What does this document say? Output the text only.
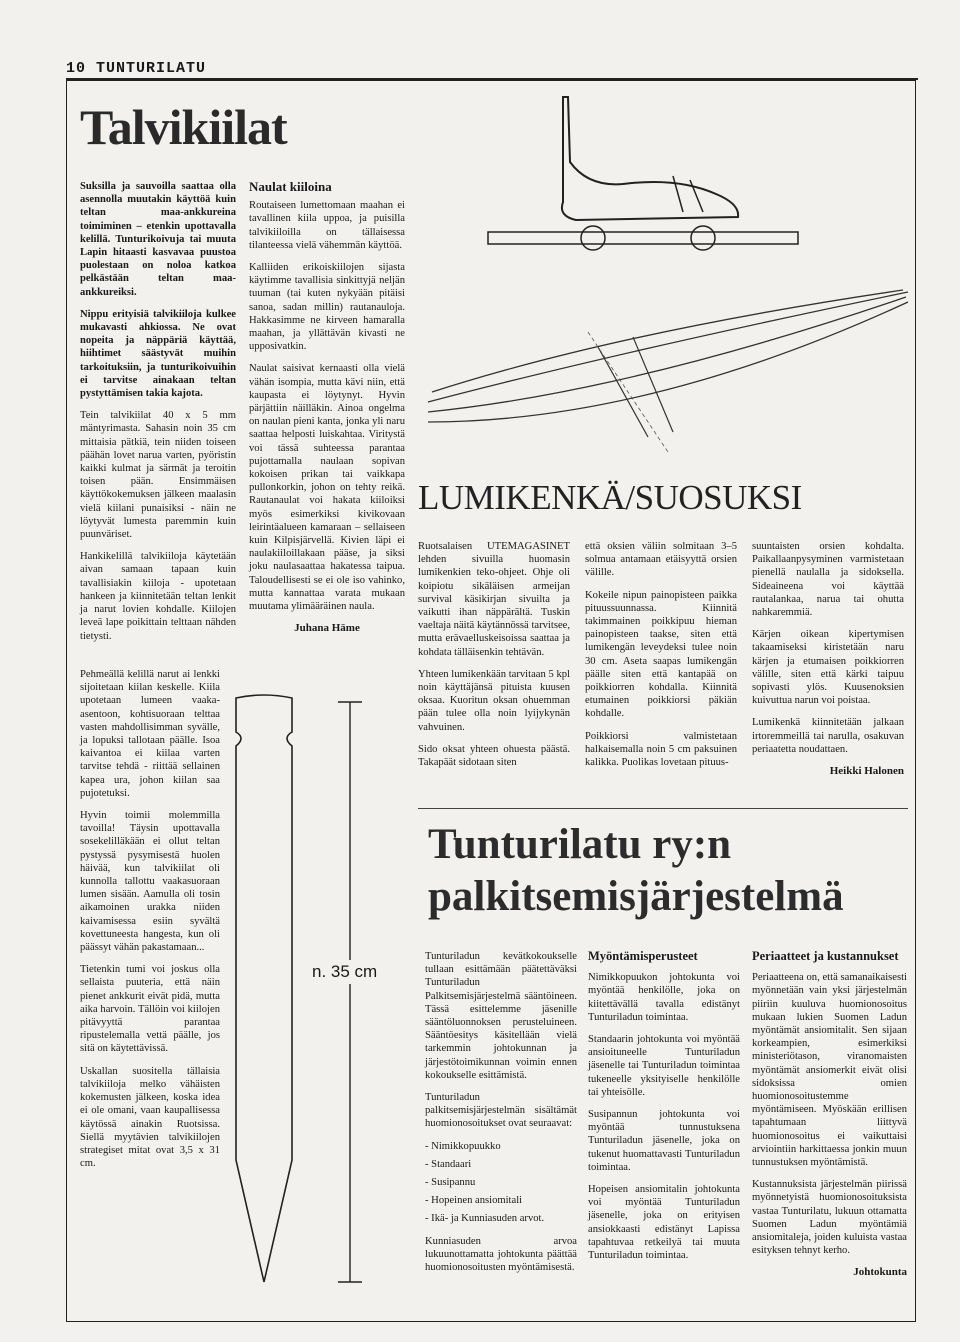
10 TUNTURILATU
Talvikiilat

Suksilla ja sauvoilla saattaa olla asennolla muutakin käyttöä kuin teltan maa-ankkureina toimiminen – etenkin upottavalla kelillä. Tunturikoivuja tai muuta Lapin hitaasti kasvavaa puustoa puolestaan on noloa katkoa pelkästään teltan maa-ankkureiksi.

Nippu erityisiä talvikiiloja kulkee mukavasti ahkiossa. Ne ovat nopeita ja näppäriä käyttää, hiihtimet säästyvät muihin tarkoituksiin, ja tunturikoivuihin ei tarvitse ainakaan teltan pystyttämisen takia kajota.

Tein talvikiilat 40 x 5 mm mäntyrimasta. Sahasin noin 35 cm mittaisia pätkiä, tein niiden toiseen päähän lovet narua varten, pyöristin kaikki kulmat ja särmät ja teroitin toisen pään. Ensimmäisen käyttökokemuksen jälkeen maalasin vielä kiilani punaisiksi - näin ne löytyvät lumesta paremmin kuin puunväriset.

Hankikelillä talvikiiloja käytetään aivan samaan tapaan kuin tavallisiakin kiiloja - upotetaan hankeen ja kiinnitetään teltan lenkit ja narut lovien kohdalle. Kiilojen leveä lape poikittain telttaan nähden tietysti.

Pehmeällä kelillä narut ai lenkki sijoitetaan kiilan keskelle. Kiila upotetaan lumeen vaaka-asentoon, kohtisuoraan telttaa vasten mahdollisimman syvälle, ja lopuksi tallotaan päälle. Isoa kaivantoa ei kiilaa varten tarvitse tehdä - riittää sellainen kapea ura, johon kiilan saa pujotetuksi.

Hyvin toimii molemmilla tavoilla! Täysin upottavalla sosekelilläkään ei ollut teltan pystyssä pysymisestä huolen häivää, kun talvikiilat oli kunnolla tallottu vaakasuoraan lumen sisään. Aamulla oli tosin aikamoinen urakka niiden kaivamisessa esiin syvältä kovettuneesta hangesta, kun oli päässyt vähän pakastamaan...

Tietenkin tumi voi joskus olla sellaista puuteria, että näin pienet ankkurit eivät pidä, mutta aika harvoin. Tällöin voi kiilojen pitävyyttä parantaa ripustelemalla vettä päälle, jos sitä on käytettävissä.

Uskallan suositella tällaisia talvikiiloja melko vähäisten kokemusten jälkeen, koska idea ei ole omani, vaan kaupallisessa käytössä ainakin Ruotsissa. Siellä myytävien talvikiilojen strategiset mitat ovat 3,5 x 31 cm.

n. 35 cm
Naulat kiilоina

Routaiseen lumettomaan maahan ei tavallinen kiila uppoa, ja puisilla talvikiiloilla on tällaisessa tilanteessa vielä vähemmän käyttöä.

Kalliiden erikoiskiilojen sijasta käytimme tavallisia sinkittyjä neljän tuuman (tai kuten nykyään pitäisi sanoa, sadan millin) rautanauloja. Hakkasimme ne kirveen hamaralla maahan, ja yllättävän kivasti ne upposivatkin.

Naulat saisivat kernaasti olla vielä vähän isompia, mutta kävi niin, että kaupasta ei löytynyt. Hyvin pärjättiin näilläkin. Ainoa ongelma on naulan pieni kanta, jonka yli naru saattaa helposti luiskahtaa. Viritystä voi tässä suhteessa parantaa pujottamalla naulaan sopivan kokoisen prikan tai vaikkapa pullonkorkin, johon on tehty reikä. Rautanaulat voi hakata kiiloiksi myös esimerkiksi kivikovaan leirintäalueen kamaraan – sellaiseen kuin Kilpisjärvellä. Kivien läpi ei naulakiiloillakaan pääse, ja siksi joku naulasaattaa hakatessa taipua. Taloudellisesti se ei ole iso vahinko, mutta kannattaa varata mukaan muutama ylimääräinen naula.

Juhana Häme
LUMIKENKÄ/SUOSUKSI

Ruotsalaisen UTEMAGASINET lehden sivuilla huomasin lumikenkien teko-ohjeet. Ohje oli koipiotu sikäläisen armeijan survival käsikirjan sivuilta ja vaikutti ihan näppärältä. Tuskin vaeltaja näitä käytännössä tarvitsee, mutta erävaelluskeisoissa saattaa ja kohdata tälläisenkin tehtävän.

Yhteen lumikenkään tarvitaan 5 kpl noin käyttäjänsä pituista kuusen oksaa. Kuoritun oksan ohuemman pään tulee olla noin lyijykynän vahvuinen.

Sido oksat yhteen ohuesta päästä. Takapäät sidotaan siten

että oksien väliin solmitaan 3–5 solmua antamaan etäisyyttä orsien välille.

Kokeile nipun painopisteen paikka pituussuunnassa. Kiinnitä takimmainen poikkipuu hieman painopisteen taakse, siten että lumikengän leveydeksi tulee noin 30 cm. Aseta saapas lumikengän päälle siten että kantapää on poikkiorren kohdalla. Kiinnitä etumainen poikkiorsi päkiän kohdalle.

Poikkiorsi valmistetaan halkaisemalla noin 5 cm paksuinen kalikka. Puolikas lovetaan pituus-

suuntaisten orsien kohdalta. Paikallaanpysyminen varmistetaan pienellä naulalla ja sidoksella. Sideaineena voi käyttää rautalankaa, narua tai ohutta nahkaremmiä.

Kärjen oikean kipertymisen takaamiseksi kiristetään naru kärjen ja etumaisen poikkiorren välille, siten että kärki taipuu sopivasti ylös. Kuusenoksien kuivuttua narun voi poistaa.

Lumikenkä kiinnitetään jalkaan irtoremmeillä tai narulla, osakuvan periaatetta noudattaen.

Heikki Halonen
Tunturilatu ry:n
palkitsemisjärjestelmä

Tunturiladun kevätkokoukselle tullaan esittämään päätettäväksi Tunturiladun Palkitsemisjärjestelmä sääntöineen. Tässä esittelemme jäsenille sääntöluonnoksen perusteluineen. Sääntöesitys käsitellään vielä tarkemmin johtokunnan ja järjestötoimikunnan voimin ennen kokoukselle esittämistä.

Tunturiladun palkitsemisjärjestelmän sisältämät huomionosoitukset ovat seuraavat:

- Nimikkopuukko
- Standaari
- Susipannu
- Hopeinen ansiomitali
- Ikä- ja Kunniasuden arvot.

Kunniasuden arvoa lukuunottamatta johtokunta päättää huomionosoitusten myöntämisestä.

Myöntämisperusteet

Nimikkopuukon johtokunta voi myöntää henkilölle, joka on kiitettävällä tavalla edistänyt Tunturiladun toimintaa.

Standaarin johtokunta voi myöntää ansioituneelle Tunturiladun jäsenelle tai Tunturiladun toimintaa tukeneelle yksityiselle henkilölle tai yhteisölle.

Susipannun johtokunta voi myöntää tunnustuksena Tunturiladun jäsenelle, joka on tukenut huomattavasti Tunturiladun toimintaa.

Hopeisen ansiomitalin johtokunta voi myöntää Tunturiladun jäsenelle, joka on erityisen ansiokkaasti edistänyt Lapissa tapahtuvaa retkeilyä tai muuta Tunturiladun toimintaa.

Periaatteet ja kustannukset

Periaatteena on, että samanaikaisesti myönnetään vain yksi järjestelmän piiriin kuuluva huomionosoitus mukaan lukien Suomen Ladun myöntämät ansiomitalit. Sen sijaan korkeampien, esimerkiksi ministeriötason, viranomaisten myöntämät ansiomerkit eivät olisi sidoksissa omien huomionosoitustemme myöntämiseen. Myöskään erillisen tapahtumaan liittyvä huomionosoitus ei vaikuttaisi arviointiin harkittaessa jonkin muun tunnustuksen myöntämistä.

Kustannuksista järjestelmän piirissä myönnetyistä huomionosoituksista vastaa Tunturilatu, lukuun ottamatta Suomen Ladun myöntämiä ansiomitaleja, joiden kuluista vastaa esityksen tehnyt kerho.

Johtokunta
